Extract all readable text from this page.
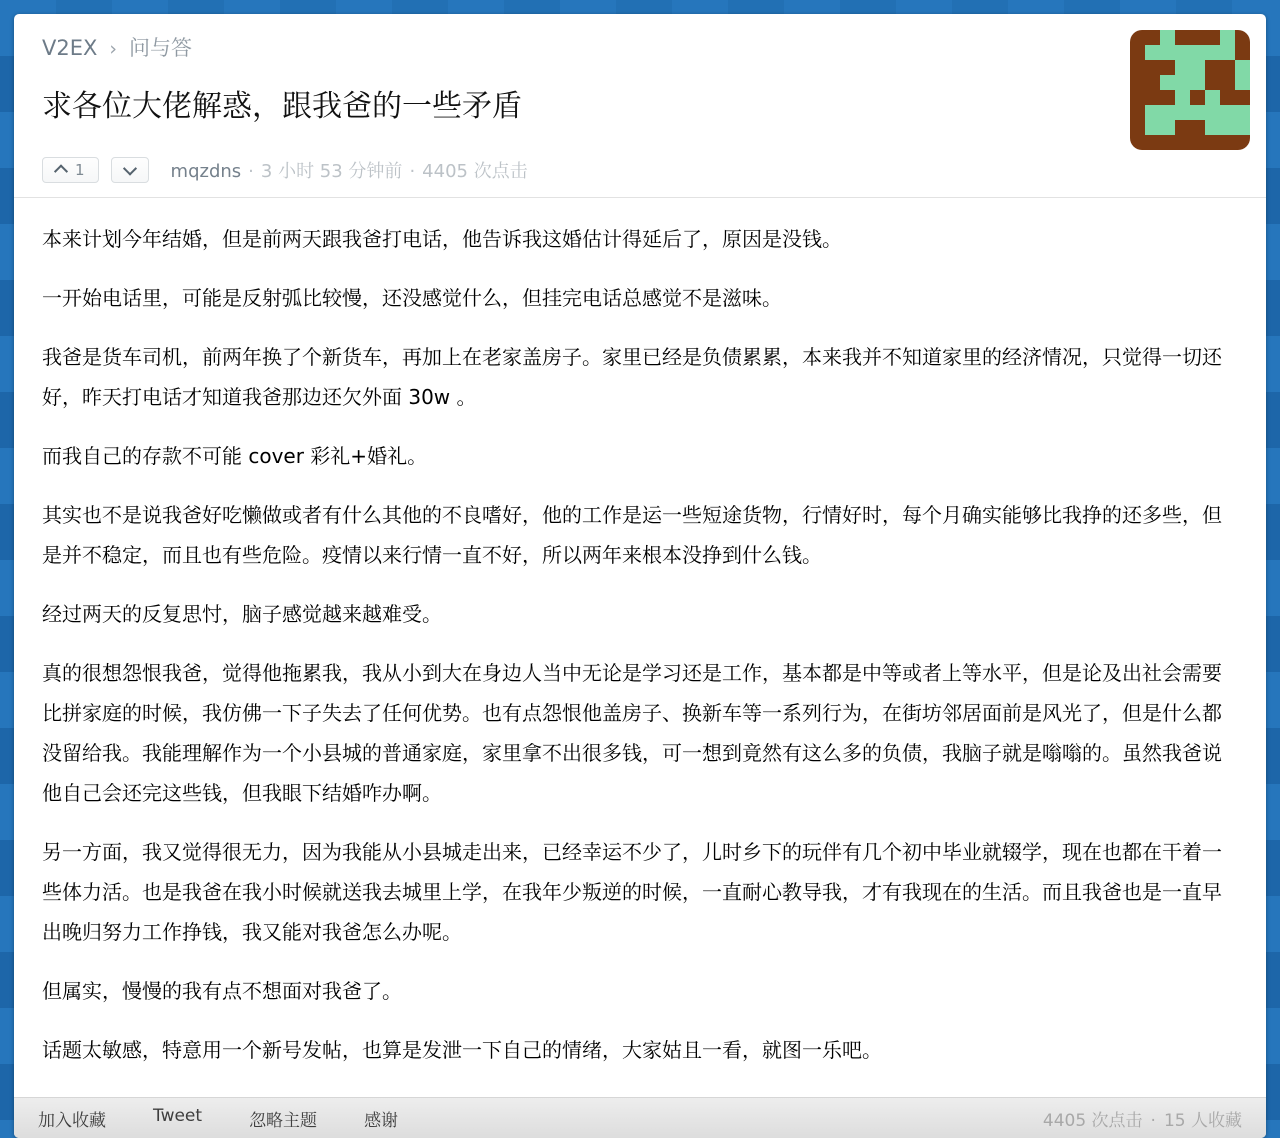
V2EX › 问与答
求各位大佬解惑，跟我爸的一些矛盾
1	mqzdns · 3 小时 53 分钟前 · 4405 次点击

本来计划今年结婚，但是前两天跟我爸打电话，他告诉我这婚估计得延后了，原因是没钱。

一开始电话里，可能是反射弧比较慢，还没感觉什么，但挂完电话总感觉不是滋味。

我爸是货车司机，前两年换了个新货车，再加上在老家盖房子。家里已经是负债累累，本来我并不知道家里的经济情况，只觉得一切还好，昨天打电话才知道我爸那边还欠外面 30w 。

而我自己的存款不可能 cover 彩礼+婚礼。

其实也不是说我爸好吃懒做或者有什么其他的不良嗜好，他的工作是运一些短途货物，行情好时，每个月确实能够比我挣的还多些，但是并不稳定，而且也有些危险。疫情以来行情一直不好，所以两年来根本没挣到什么钱。

经过两天的反复思忖，脑子感觉越来越难受。

真的很想怨恨我爸，觉得他拖累我，我从小到大在身边人当中无论是学习还是工作，基本都是中等或者上等水平，但是论及出社会需要比拼家庭的时候，我仿佛一下子失去了任何优势。也有点怨恨他盖房子、换新车等一系列行为，在街坊邻居面前是风光了，但是什么都没留给我。我能理解作为一个小县城的普通家庭，家里拿不出很多钱，可一想到竟然有这么多的负债，我脑子就是嗡嗡的。虽然我爸说他自己会还完这些钱，但我眼下结婚咋办啊。

另一方面，我又觉得很无力，因为我能从小县城走出来，已经幸运不少了，儿时乡下的玩伴有几个初中毕业就辍学，现在也都在干着一些体力活。也是我爸在我小时候就送我去城里上学，在我年少叛逆的时候，一直耐心教导我，才有我现在的生活。而且我爸也是一直早出晚归努力工作挣钱，我又能对我爸怎么办呢。

但属实，慢慢的我有点不想面对我爸了。

话题太敏感，特意用一个新号发帖，也算是发泄一下自己的情绪，大家姑且一看，就图一乐吧。

加入收藏	Tweet	忽略主题	感谢	4405 次点击 · 15 人收藏
